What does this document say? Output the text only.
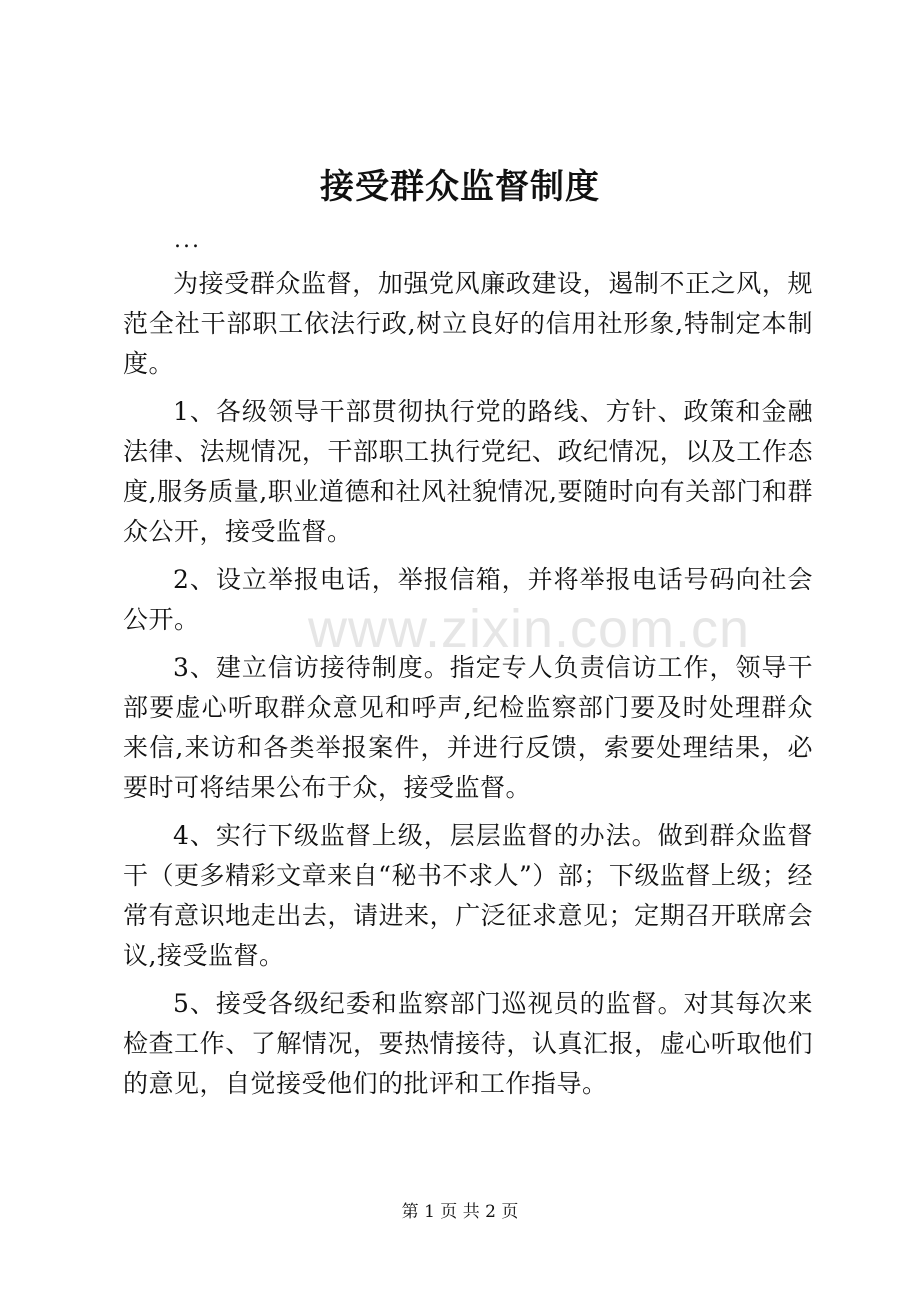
接受群众监督制度
...

为接受群众监督，加强党风廉政建设，遏制不正之风，规范全社干部职工依法行政,树立良好的信用社形象,特制定本制度。

1、各级领导干部贯彻执行党的路线、方针、政策和金融法律、法规情况，干部职工执行党纪、政纪情况，以及工作态度,服务质量,职业道德和社风社貌情况,要随时向有关部门和群众公开，接受监督。

2、设立举报电话，举报信箱，并将举报电话号码向社会公开。

3、建立信访接待制度。指定专人负责信访工作，领导干部要虚心听取群众意见和呼声,纪检监察部门要及时处理群众来信,来访和各类举报案件，并进行反馈，索要处理结果，必要时可将结果公布于众，接受监督。

4、实行下级监督上级，层层监督的办法。做到群众监督干（更多精彩文章来自“秘书不求人”）部；下级监督上级；经常有意识地走出去，请进来，广泛征求意见；定期召开联席会议,接受监督。

5、接受各级纪委和监察部门巡视员的监督。对其每次来检查工作、了解情况，要热情接待，认真汇报，虚心听取他们的意见，自觉接受他们的批评和工作指导。

www.zixin.com.cn
第 1 页 共 2 页
